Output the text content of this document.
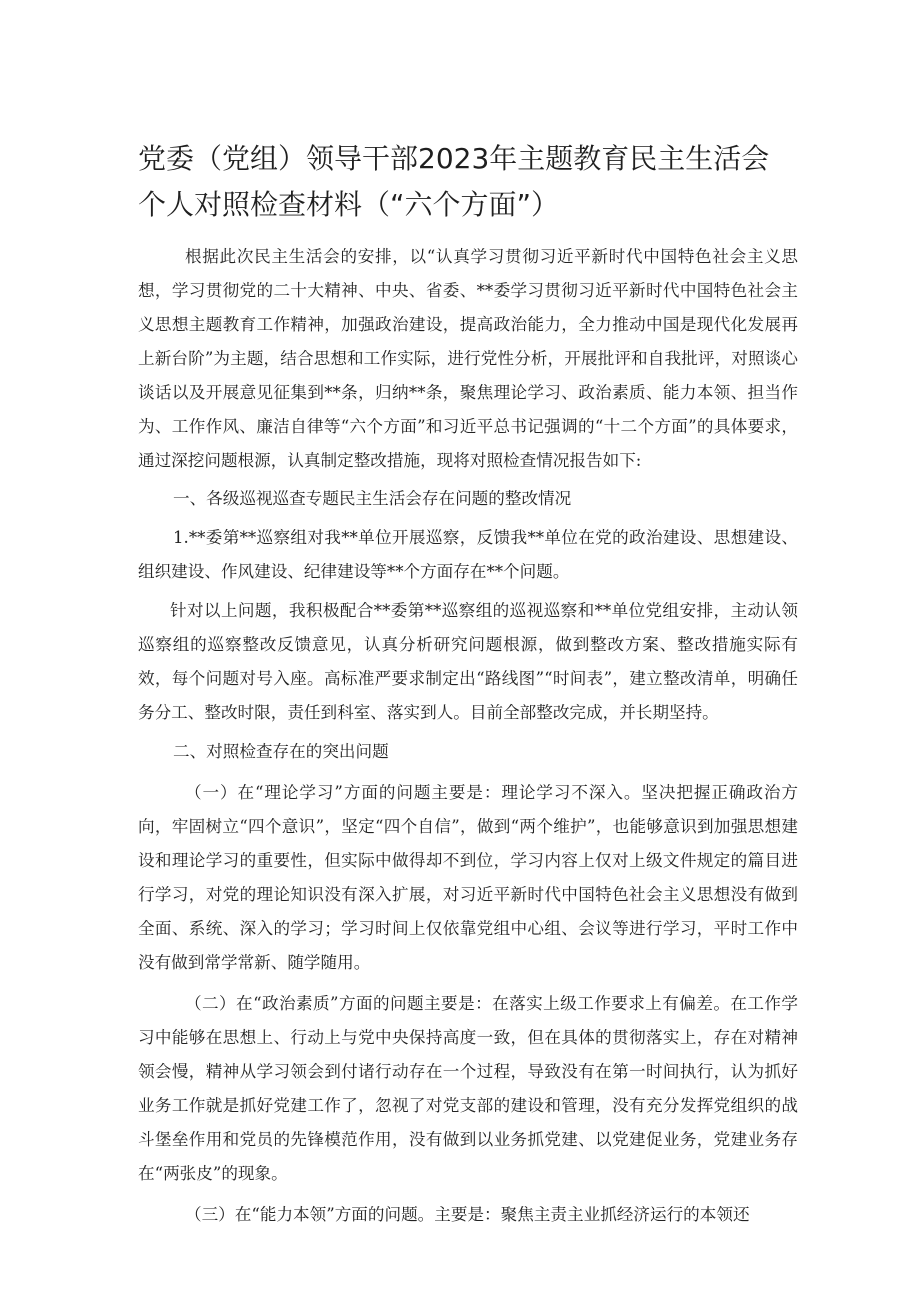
党委（党组）领导干部2023年主题教育民主生活会
个人对照检查材料（“六个方面”）

根据此次民主生活会的安排，以“认真学习贯彻习近平新时代中国特色社会主义思想，学习贯彻党的二十大精神、中央、省委、**委学习贯彻习近平新时代中国特色社会主义思想主题教育工作精神，加强政治建设，提高政治能力，全力推动中国是现代化发展再上新台阶”为主题，结合思想和工作实际，进行党性分析，开展批评和自我批评，对照谈心谈话以及开展意见征集到**条，归纳**条，聚焦理论学习、政治素质、能力本领、担当作为、工作作风、廉洁自律等“六个方面”和习近平总书记强调的“十二个方面”的具体要求，通过深挖问题根源，认真制定整改措施，现将对照检查情况报告如下:

一、各级巡视巡查专题民主生活会存在问题的整改情况

1.**委第**巡察组对我**单位开展巡察，反馈我**单位在党的政治建设、思想建设、组织建设、作风建设、纪律建设等**个方面存在**个问题。

针对以上问题，我积极配合**委第**巡察组的巡视巡察和**单位党组安排，主动认领巡察组的巡察整改反馈意见，认真分析研究问题根源，做到整改方案、整改措施实际有效，每个问题对号入座。高标准严要求制定出“路线图”“时间表”，建立整改清单，明确任务分工、整改时限，责任到科室、落实到人。目前全部整改完成，并长期坚持。

二、对照检查存在的突出问题

（一）在“理论学习”方面的问题主要是：理论学习不深入。坚决把握正确政治方向，牢固树立“四个意识”，坚定“四个自信”，做到“两个维护”，也能够意识到加强思想建设和理论学习的重要性，但实际中做得却不到位，学习内容上仅对上级文件规定的篇目进行学习，对党的理论知识没有深入扩展，对习近平新时代中国特色社会主义思想没有做到全面、系统、深入的学习；学习时间上仅依靠党组中心组、会议等进行学习，平时工作中没有做到常学常新、随学随用。

（二）在“政治素质”方面的问题主要是：在落实上级工作要求上有偏差。在工作学习中能够在思想上、行动上与党中央保持高度一致，但在具体的贯彻落实上，存在对精神领会慢，精神从学习领会到付诸行动存在一个过程，导致没有在第一时间执行，认为抓好业务工作就是抓好党建工作了，忽视了对党支部的建设和管理，没有充分发挥党组织的战斗堡垒作用和党员的先锋模范作用，没有做到以业务抓党建、以党建促业务，党建业务存在“两张皮”的现象。

（三）在“能力本领”方面的问题。主要是：聚焦主责主业抓经济运行的本领还
